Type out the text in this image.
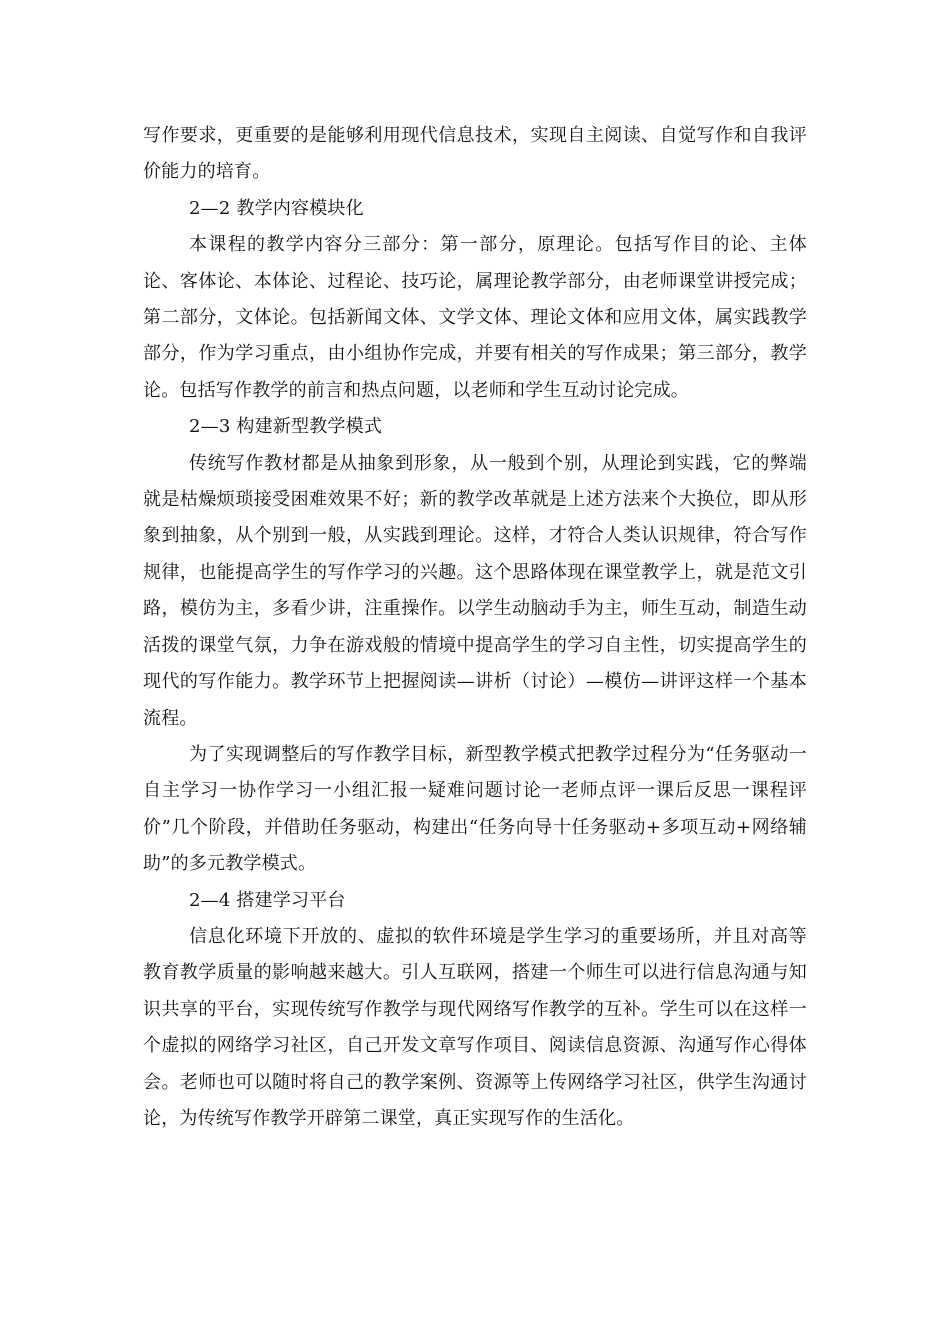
写作要求，更重要的是能够利用现代信息技术，实现自主阅读、自觉写作和自我评价能力的培育。

2—2 教学内容模块化

本课程的教学内容分三部分：第一部分，原理论。包括写作目的论、主体论、客体论、本体论、过程论、技巧论，属理论教学部分，由老师课堂讲授完成；第二部分，文体论。包括新闻文体、文学文体、理论文体和应用文体，属实践教学部分，作为学习重点，由小组协作完成，并要有相关的写作成果；第三部分，教学论。包括写作教学的前言和热点问题，以老师和学生互动讨论完成。

2—3 构建新型教学模式

传统写作教材都是从抽象到形象，从一般到个别，从理论到实践，它的弊端就是枯燥烦琐接受困难效果不好；新的教学改革就是上述方法来个大换位，即从形象到抽象，从个别到一般，从实践到理论。这样，才符合人类认识规律，符合写作规律，也能提高学生的写作学习的兴趣。这个思路体现在课堂教学上，就是范文引路，模仿为主，多看少讲，注重操作。以学生动脑动手为主，师生互动，制造生动活拨的课堂气氛，力争在游戏般的情境中提高学生的学习自主性，切实提高学生的现代的写作能力。教学环节上把握阅读—讲析（讨论）—模仿—讲评这样一个基本流程。

为了实现调整后的写作教学目标，新型教学模式把教学过程分为“任务驱动一自主学习一协作学习一小组汇报一疑难问题讨论一老师点评一课后反思一课程评价”几个阶段，并借助任务驱动，构建出“任务向导十任务驱动+多项互动+网络辅助”的多元教学模式。

2—4 搭建学习平台

信息化环境下开放的、虚拟的软件环境是学生学习的重要场所，并且对高等教育教学质量的影响越来越大。引人互联网，搭建一个师生可以进行信息沟通与知识共享的平台，实现传统写作教学与现代网络写作教学的互补。学生可以在这样一个虚拟的网络学习社区，自己开发文章写作项目、阅读信息资源、沟通写作心得体会。老师也可以随时将自己的教学案例、资源等上传网络学习社区，供学生沟通讨论，为传统写作教学开辟第二课堂，真正实现写作的生活化。
